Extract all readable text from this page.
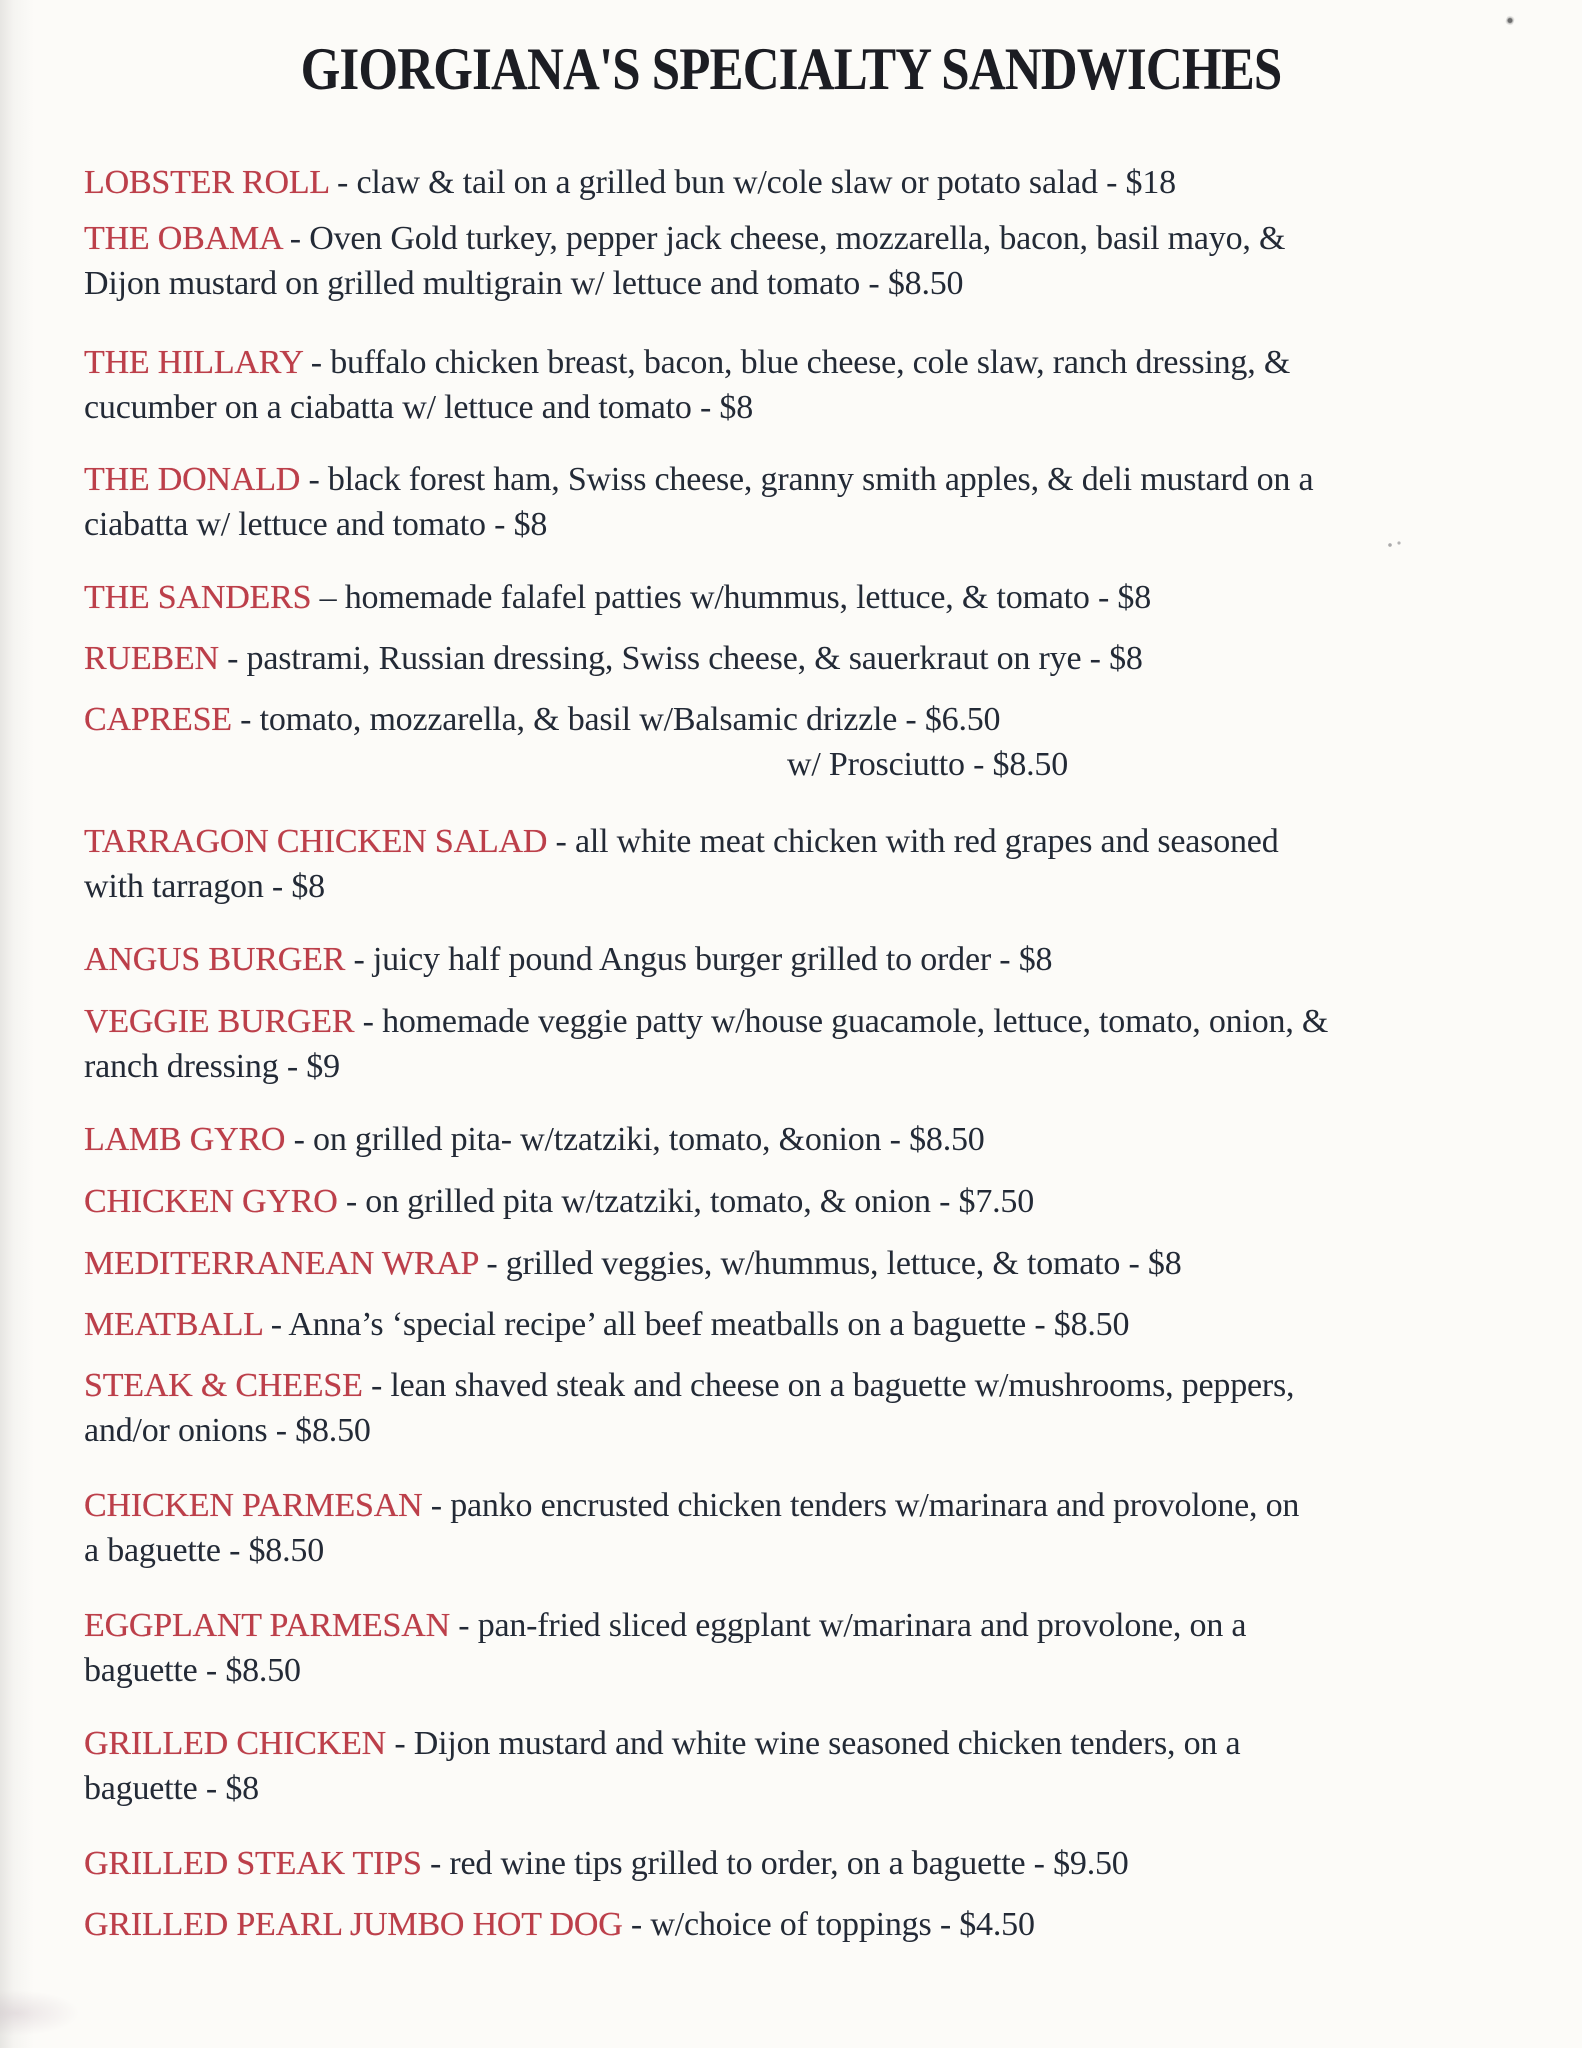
GIORGIANA'S SPECIALTY SANDWICHES

LOBSTER ROLL - claw & tail on a grilled bun w/cole slaw or potato salad - $18

THE OBAMA - Oven Gold turkey, pepper jack cheese, mozzarella, bacon, basil mayo, &
Dijon mustard on grilled multigrain w/ lettuce and tomato - $8.50

THE HILLARY - buffalo chicken breast, bacon, blue cheese, cole slaw, ranch dressing, &
cucumber on a ciabatta w/ lettuce and tomato - $8

THE DONALD - black forest ham, Swiss cheese, granny smith apples, & deli mustard on a
ciabatta w/ lettuce and tomato - $8

THE SANDERS – homemade falafel patties w/hummus, lettuce, & tomato - $8

RUEBEN - pastrami, Russian dressing, Swiss cheese, & sauerkraut on rye - $8

CAPRESE - tomato, mozzarella, & basil w/Balsamic drizzle - $6.50

w/ Prosciutto - $8.50

TARRAGON CHICKEN SALAD - all white meat chicken with red grapes and seasoned
with tarragon - $8

ANGUS BURGER - juicy half pound Angus burger grilled to order - $8

VEGGIE BURGER - homemade veggie patty w/house guacamole, lettuce, tomato, onion, &
ranch dressing - $9

LAMB GYRO - on grilled pita- w/tzatziki, tomato, &onion - $8.50

CHICKEN GYRO - on grilled pita w/tzatziki, tomato, & onion - $7.50

MEDITERRANEAN WRAP - grilled veggies, w/hummus, lettuce, & tomato - $8

MEATBALL - Anna’s ‘special recipe’ all beef meatballs on a baguette - $8.50

STEAK & CHEESE - lean shaved steak and cheese on a baguette w/mushrooms, peppers,
and/or onions - $8.50

CHICKEN PARMESAN - panko encrusted chicken tenders w/marinara and provolone, on
a baguette - $8.50

EGGPLANT PARMESAN - pan-fried sliced eggplant w/marinara and provolone, on a
baguette - $8.50

GRILLED CHICKEN - Dijon mustard and white wine seasoned chicken tenders, on a
baguette - $8

GRILLED STEAK TIPS - red wine tips grilled to order, on a baguette - $9.50

GRILLED PEARL JUMBO HOT DOG - w/choice of toppings - $4.50
